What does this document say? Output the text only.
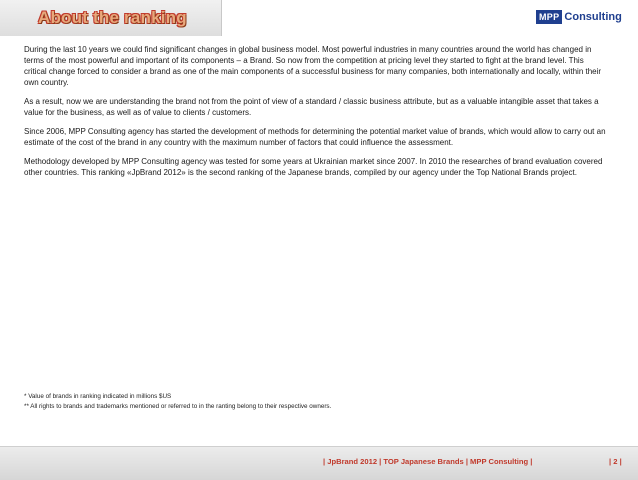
About the ranking	MPP Consulting

During the last 10 years we could find significant changes in global business model. Most powerful industries in many countries around the world has changed in terms of the most powerful and important of its components – a Brand. So now from the competition at pricing level they started to fight at the brand level. This critical change forced to consider a brand as one of the main components of a successful business for many companies, both internationally and locally, within their own country.

As a result, now we are understanding the brand not from the point of view of a standard / classic business attribute, but as a valuable intangible asset that takes a value for the business, as well as of value to clients / customers.

Since 2006, MPP Consulting agency has started the development of methods for determining the potential market value of brands, which would allow to carry out an estimate of the cost of the brand in any country with the maximum number of factors that could influence the assessment.

Methodology developed by MPP Consulting agency was tested for some years at Ukrainian market since 2007. In 2010 the researches of brand evaluation covered other countries. This ranking «JpBrand 2012» is the second ranking of the Japanese brands, compiled by our agency under the Top National Brands project.

* Value of brands in ranking indicated in millions $US
** All rights to brands and trademarks mentioned or referred to in the ranting belong to their respective owners.
| JpBrand 2012 | TOP Japanese Brands | MPP Consulting |	| 2 |
